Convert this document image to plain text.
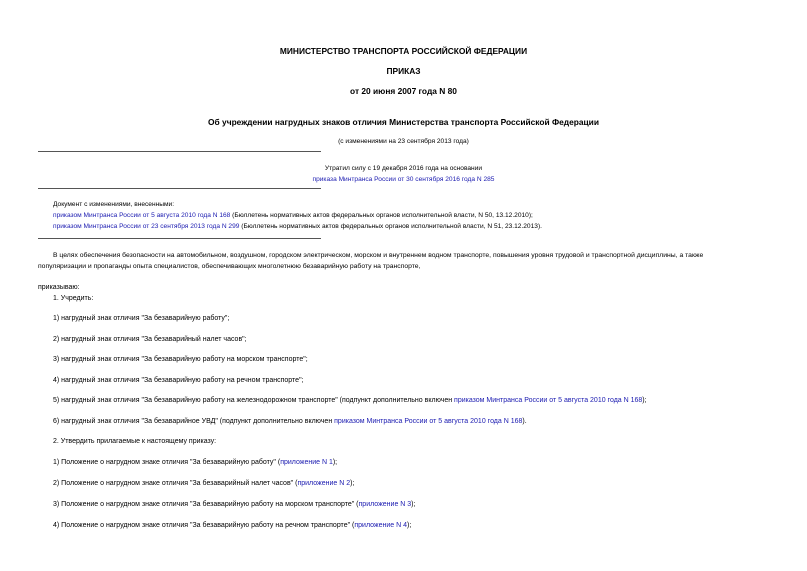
МИНИСТЕРСТВО ТРАНСПОРТА РОССИЙСКОЙ ФЕДЕРАЦИИ
ПРИКАЗ
от 20 июня 2007 года N 80
Об учреждении нагрудных знаков отличия Министерства транспорта Российской Федерации
(с изменениями на 23 сентября 2013 года)
Утратил силу с 19 декабря 2016 года на основании
приказа Минтранса России от 30 сентября 2016 года N 285
Документ с изменениями, внесенными:
приказом Минтранса России от 5 августа 2010 года N 168 (Бюллетень нормативных актов федеральных органов исполнительной власти, N 50, 13.12.2010);
приказом Минтранса России от 23 сентября 2013 года N 299 (Бюллетень нормативных актов федеральных органов исполнительной власти, N 51, 23.12.2013).
В целях обеспечения безопасности на автомобильном, воздушном, городском электрическом, морском и внутреннем водном транспорте, повышения уровня трудовой и транспортной дисциплины, а также
популяризации и пропаганды опыта специалистов, обеспечивающих многолетнюю безаварийную работу на транспорте,
приказываю:
1. Учредить:
1) нагрудный знак отличия "За безаварийную работу";
2) нагрудный знак отличия "За безаварийный налет часов";
3) нагрудный знак отличия "За безаварийную работу на морском транспорте";
4) нагрудный знак отличия "За безаварийную работу на речном транспорте";
5) нагрудный знак отличия "За безаварийную работу на железнодорожном транспорте" (подпункт дополнительно включен приказом Минтранса России от 5 августа 2010 года N 168);
6) нагрудный знак отличия "За безаварийное УВД" (подпункт дополнительно включен приказом Минтранса России от 5 августа 2010 года N 168).
2. Утвердить прилагаемые к настоящему приказу:
1) Положение о нагрудном знаке отличия "За безаварийную работу" (приложение N 1);
2) Положение о нагрудном знаке отличия "За безаварийный налет часов" (приложение N 2);
3) Положение о нагрудном знаке отличия "За безаварийную работу на морском транспорте" (приложение N 3);
4) Положение о нагрудном знаке отличия "За безаварийную работу на речном транспорте" (приложение N 4);
